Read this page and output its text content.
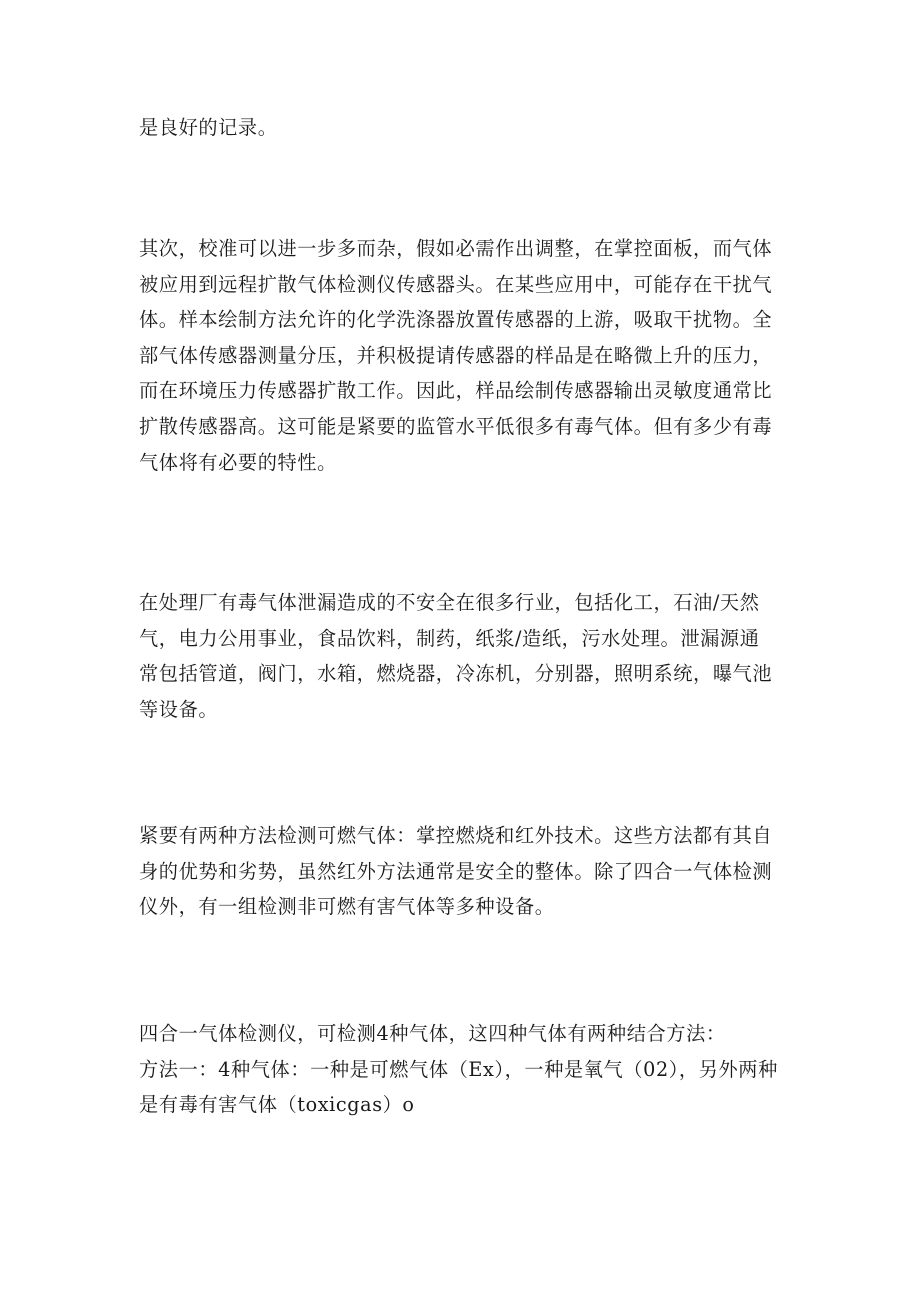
是良好的记录。

其次，校准可以进一步多而杂，假如必需作出调整，在掌控面板，而气体
被应用到远程扩散气体检测仪传感器头。在某些应用中，可能存在干扰气
体。样本绘制方法允许的化学洗涤器放置传感器的上游，吸取干扰物。全
部气体传感器测量分压，并积极提请传感器的样品是在略微上升的压力，
而在环境压力传感器扩散工作。因此，样品绘制传感器输出灵敏度通常比
扩散传感器高。这可能是紧要的监管水平低很多有毒气体。但有多少有毒
气体将有必要的特性。

在处理厂有毒气体泄漏造成的不安全在很多行业，包括化工，石油/天然
气，电力公用事业，食品饮料，制药，纸浆/造纸，污水处理。泄漏源通
常包括管道，阀门，水箱，燃烧器，冷冻机，分别器，照明系统，曝气池
等设备。

紧要有两种方法检测可燃气体：掌控燃烧和红外技术。这些方法都有其自
身的优势和劣势，虽然红外方法通常是安全的整体。除了四合一气体检测
仪外，有一组检测非可燃有害气体等多种设备。

四合一气体检测仪，可检测4种气体，这四种气体有两种结合方法：
方法一：4种气体：一种是可燃气体（Ex），一种是氧气（02），另外两种
是有毒有害气体（toxicgas）o
